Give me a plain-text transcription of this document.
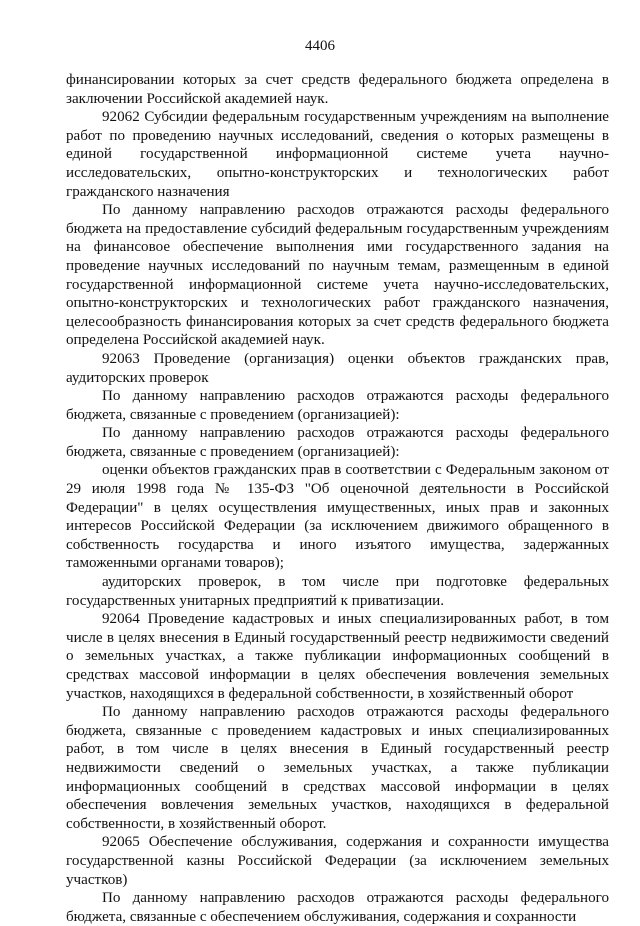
4406

финансировании которых за счет средств федерального бюджета определена в заключении Российской академией наук.

92062 Субсидии федеральным государственным учреждениям на выполнение работ по проведению научных исследований, сведения о которых размещены в единой государственной информационной системе учета научно-исследовательских, опытно-конструкторских и технологических работ гражданского назначения

По данному направлению расходов отражаются расходы федерального бюджета на предоставление субсидий федеральным государственным учреждениям на финансовое обеспечение выполнения ими государственного задания на проведение научных исследований по научным темам, размещенным в единой государственной информационной системе учета научно-исследовательских, опытно-конструкторских и технологических работ гражданского назначения, целесообразность финансирования которых за счет средств федерального бюджета определена Российской академией наук.

92063 Проведение (организация) оценки объектов гражданских прав, аудиторских проверок

По данному направлению расходов отражаются расходы федерального бюджета, связанные с проведением (организацией):

По данному направлению расходов отражаются расходы федерального бюджета, связанные с проведением (организацией):

оценки объектов гражданских прав в соответствии с Федеральным законом от 29 июля 1998 года № 135-ФЗ "Об оценочной деятельности в Российской Федерации" в целях осуществления имущественных, иных прав и законных интересов Российской Федерации (за исключением движимого обращенного в собственность государства и иного изъятого имущества, задержанных таможенными органами товаров);

аудиторских проверок, в том числе при подготовке федеральных государственных унитарных предприятий к приватизации.

92064 Проведение кадастровых и иных специализированных работ, в том числе в целях внесения в Единый государственный реестр недвижимости сведений о земельных участках, а также публикации информационных сообщений в средствах массовой информации в целях обеспечения вовлечения земельных участков, находящихся в федеральной собственности, в хозяйственный оборот

По данному направлению расходов отражаются расходы федерального бюджета, связанные с проведением кадастровых и иных специализированных работ, в том числе в целях внесения в Единый государственный реестр недвижимости сведений о земельных участках, а также публикации информационных сообщений в средствах массовой информации в целях обеспечения вовлечения земельных участков, находящихся в федеральной собственности, в хозяйственный оборот.

92065 Обеспечение обслуживания, содержания и сохранности имущества государственной казны Российской Федерации (за исключением земельных участков)

По данному направлению расходов отражаются расходы федерального бюджета, связанные с обеспечением обслуживания, содержания и сохранности
